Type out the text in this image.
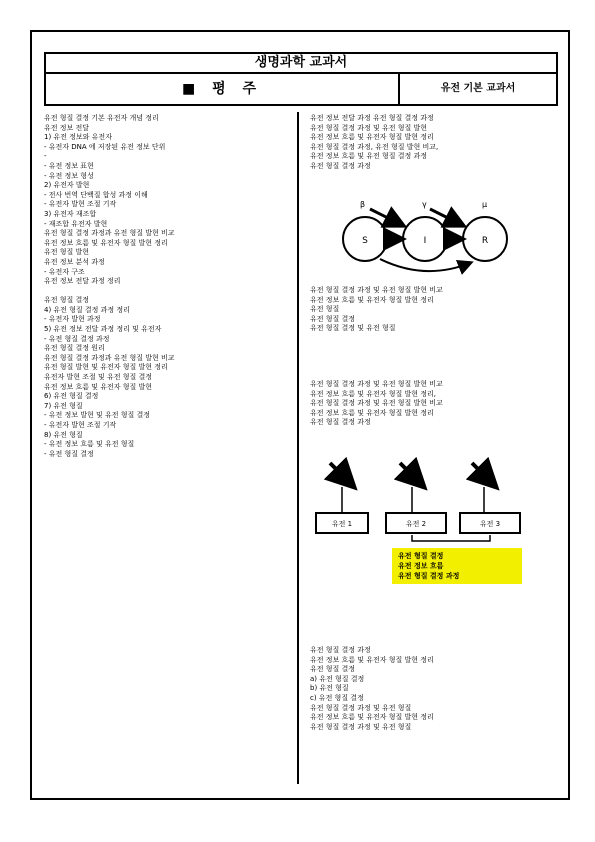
생명과학 교과서
■ 평 주	유전 기본 교과서

유전 형질 결정 기본 유전자 개념 정리

유전 정보 전달

1) 유전 정보와 유전자

- 유전자 DNA 에 저장된 유전 정보 단위

-

- 유전 정보 표현

- 유전 정보 형성

2) 유전자 발현

- 전사 번역 단백질 합성 과정 이해

- 유전자 발현 조절 기작

3) 유전자 재조합

- 재조합 유전자 발현

유전 형질 결정 과정과 유전 형질 발현 비교

유전 정보 흐름 및 유전자 형질 발현 정리

유전 형질 발현

유전 정보 분석 과정

- 유전자 구조

유전 정보 전달 과정 정리

유전 형질 결정

4) 유전 형질 결정 과정 정리

- 유전자 발현 과정

5) 유전 정보 전달 과정 정리 및 유전자

- 유전 형질 결정 과정

유전 형질 결정 원리

유전 형질 결정 과정과 유전 형질 발현 비교

유전 형질 발현 및 유전자 형질 발현 정리

유전자 발현 조절 및 유전 형질 결정

유전 정보 흐름 및 유전자 형질 발현

6) 유전 형질 결정

7) 유전 형질

- 유전 정보 발현 및 유전 형질 결정

- 유전자 발현 조절 기작

8) 유전 형질

- 유전 정보 흐름 및 유전 형질

- 유전 형질 결정

유전 정보 전달 과정 유전 형질 결정 과정

유전 형질 결정 과정 및 유전 형질 발현

유전 정보 흐름 및 유전자 형질 발현 정리

유전 형질 결정 과정, 유전 형질 발현 비교,

유전 정보 흐름 및 유전 형질 결정 과정

유전 형질 결정 과정

S	I	R
β	γ	μ

유전 형질 결정 과정 및 유전 형질 발현 비교

유전 정보 흐름 및 유전자 형질 발현 정리

유전 형질

유전 형질 결정

유전 형질 결정 및 유전 형질

유전 형질 결정 과정 및 유전 형질 발현 비교

유전 정보 흐름 및 유전자 형질 발현 정리,

유전 형질 결정 과정 및 유전 형질 발현 비교

유전 정보 흐름 및 유전자 형질 발현 정리

유전 형질 결정 과정

유전 1	유전 2	유전 3

유전 형질 결정

유전 정보 흐름

유전 형질 결정 과정

유전 형질 결정 과정

유전 정보 흐름 및 유전자 형질 발현 정리

유전 형질 결정

a) 유전 형질 결정

b) 유전 형질

c) 유전 형질 결정

유전 형질 결정 과정 및 유전 형질

유전 정보 흐름 및 유전자 형질 발현 정리

유전 형질 결정 과정 및 유전 형질
